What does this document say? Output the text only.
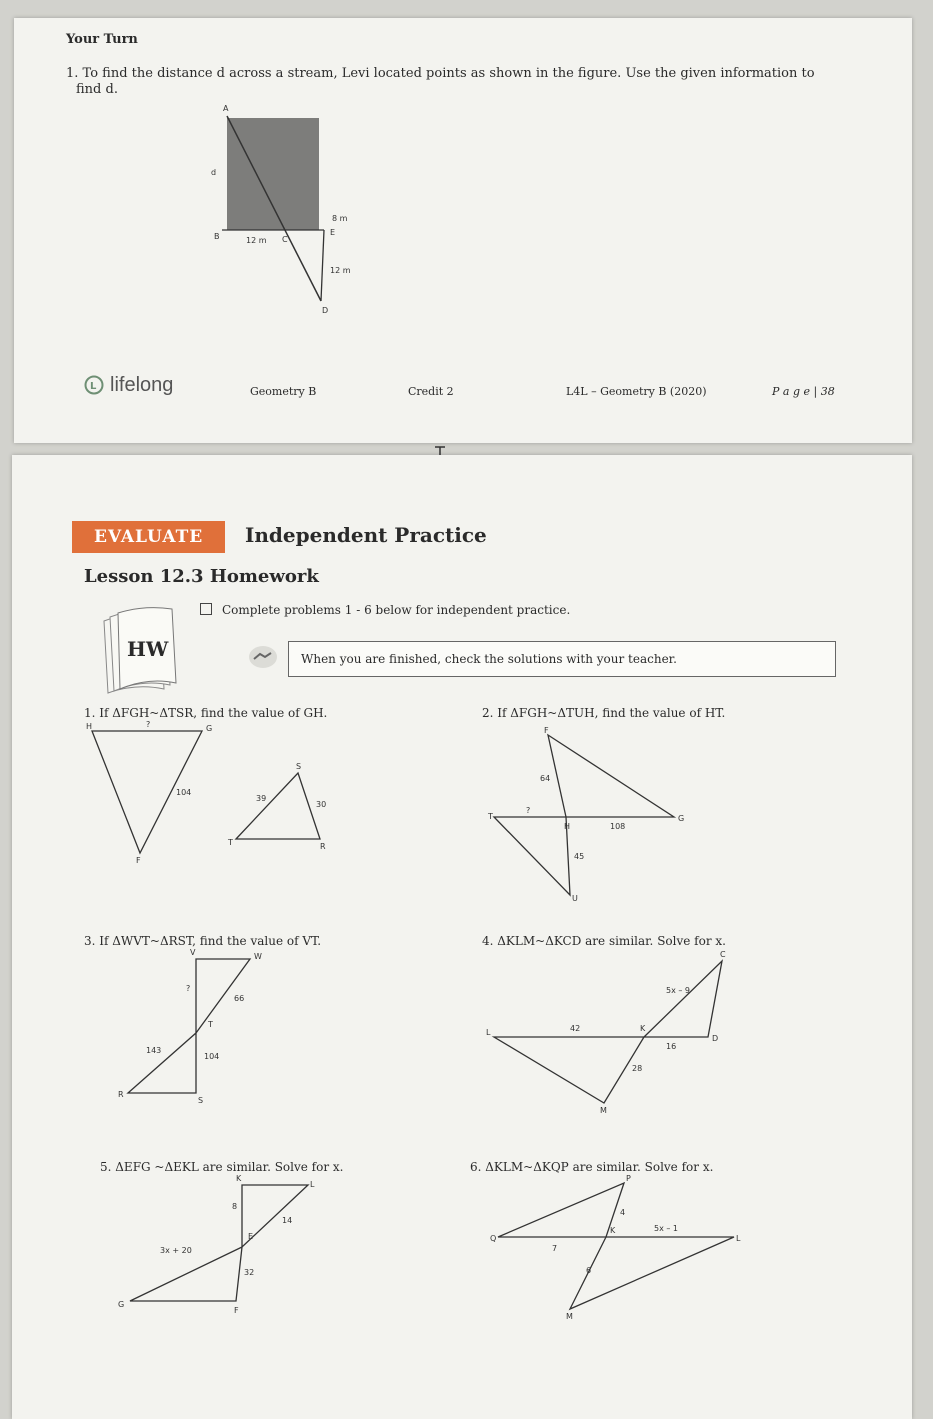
Your Turn
1. To find the distance d across a stream, Levi located points as shown in the figure. Use the given information to
find d.
A
d
B	12 m C
8 m
E
12 m
D
L lifelong	Geometry B	Credit 2	L4L – Geometry B (2020)	P a g e | 38
EVALUATE	Independent Practice
Lesson 12.3 Homework
HW
Complete problems 1 - 6 below for independent practice.
When you are finished, check the solutions with your teacher.
1. If ΔFGH~ΔTSR, find the value of GH.
H	?	G
104
F
S
39
30
T	R
2. If ΔFGH~ΔTUH, find the value of HT.
F
64
T
?
H	108
G
45
U
3. If ΔWVT~ΔRST, find the value of VT.
V	W
?
66
T
143
104
R
S
4. ΔKLM~ΔKCD are similar. Solve for x.
C
5x – 9
L	42	K
16
D
28
M
5. ΔEFG ~ΔEKL are similar. Solve for x.
K
L
8
14
E
3x + 20
32
G
F
6. ΔKLM~ΔKQP are similar. Solve for x.
P
4
K	5x – 1
Q
7
L
6
M
